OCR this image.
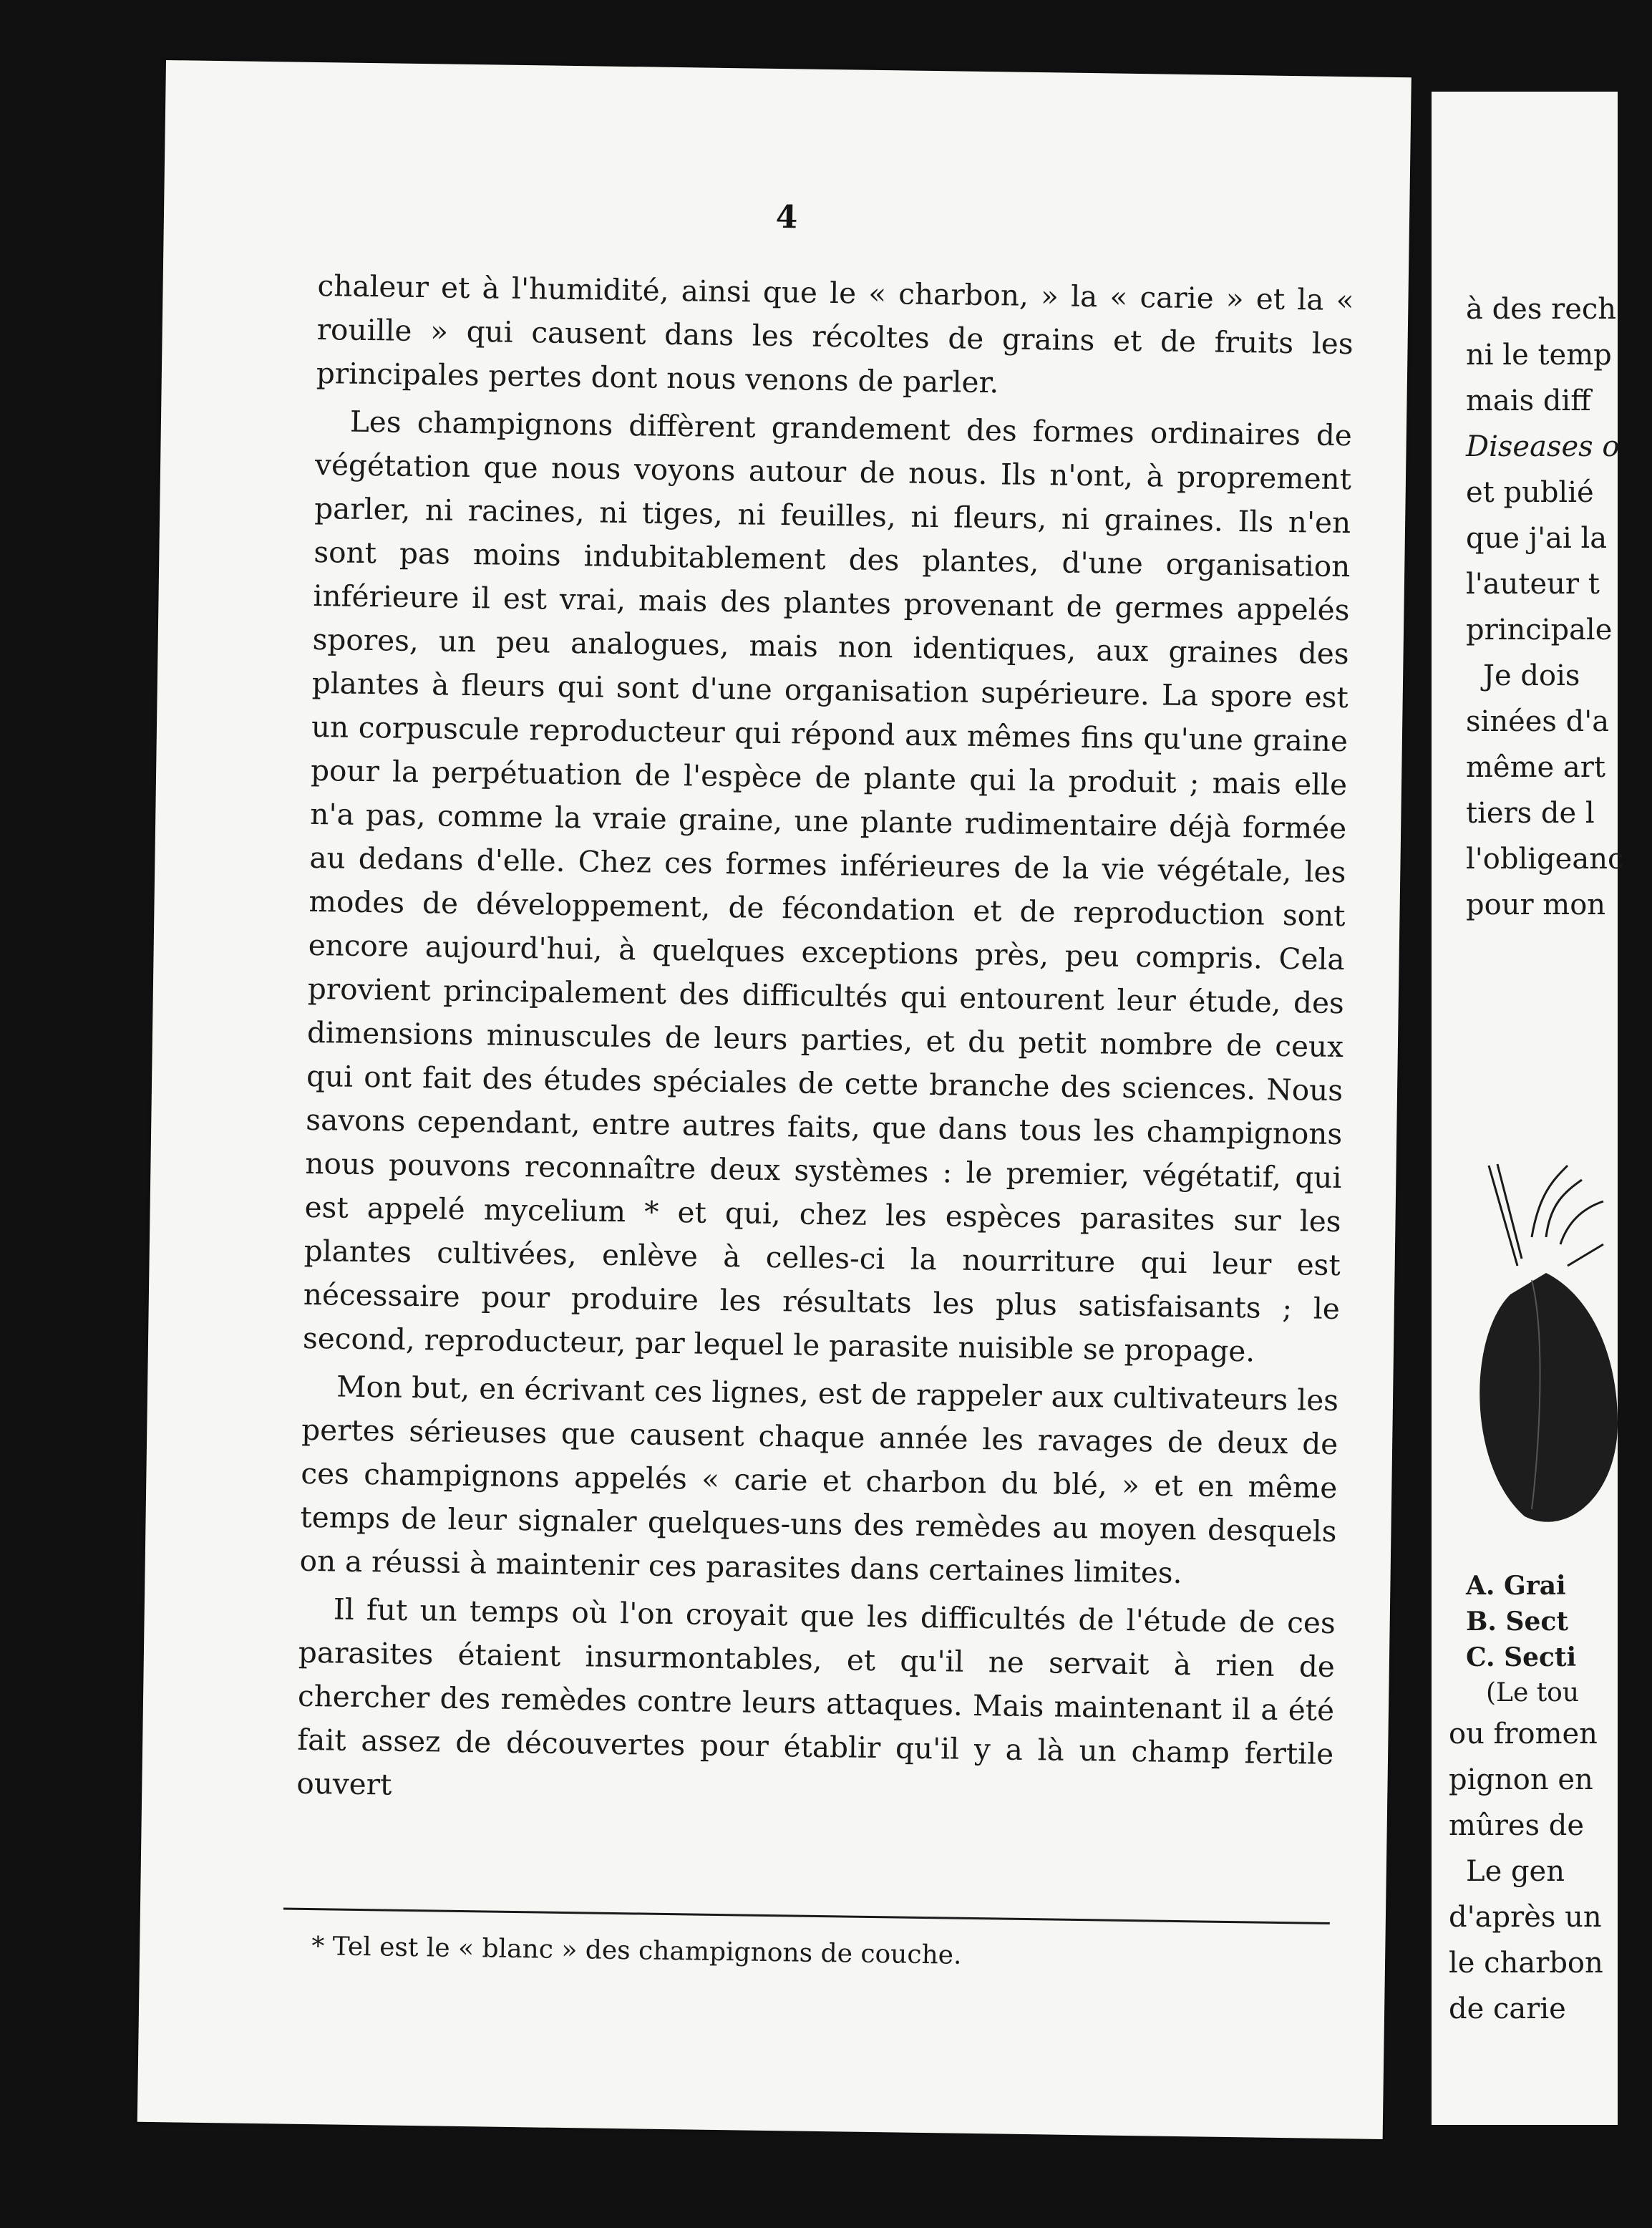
4

chaleur et à l'humidité, ainsi que le « charbon, » la « carie » et la « rouille » qui causent dans les récoltes de grains et de fruits les principales pertes dont nous venons de parler.

Les champignons diffèrent grandement des formes ordinaires de végétation que nous voyons autour de nous. Ils n'ont, à proprement parler, ni racines, ni tiges, ni feuilles, ni fleurs, ni graines. Ils n'en sont pas moins indubitablement des plantes, d'une organisation inférieure il est vrai, mais des plantes provenant de germes appelés spores, un peu analogues, mais non identiques, aux graines des plantes à fleurs qui sont d'une organisation supérieure. La spore est un corpuscule reproducteur qui répond aux mêmes fins qu'une graine pour la perpétuation de l'espèce de plante qui la produit ; mais elle n'a pas, comme la vraie graine, une plante rudimentaire déjà formée au dedans d'elle. Chez ces formes inférieures de la vie végétale, les modes de développement, de fécondation et de reproduction sont encore aujourd'hui, à quelques exceptions près, peu compris. Cela provient principalement des difficultés qui entourent leur étude, des dimensions minuscules de leurs parties, et du petit nombre de ceux qui ont fait des études spéciales de cette branche des sciences. Nous savons cependant, entre autres faits, que dans tous les champignons nous pouvons reconnaître deux systèmes : le premier, végétatif, qui est appelé mycelium * et qui, chez les espèces parasites sur les plantes cultivées, enlève à celles-ci la nourriture qui leur est nécessaire pour produire les résultats les plus satisfaisants ; le second, reproducteur, par lequel le parasite nuisible se propage.

Mon but, en écrivant ces lignes, est de rappeler aux cultivateurs les pertes sérieuses que causent chaque année les ravages de deux de ces champignons appelés « carie et charbon du blé, » et en même temps de leur signaler quelques-uns des remèdes au moyen desquels on a réussi à maintenir ces parasites dans certaines limites.

Il fut un temps où l'on croyait que les difficultés de l'étude de ces parasites étaient insurmontables, et qu'il ne servait à rien de chercher des remèdes contre leurs attaques. Mais maintenant il a été fait assez de découvertes pour établir qu'il y a là un champ fertile ouvert

* Tel est le « blanc » des champignons de couche.
à des rech
ni le temp
mais diff
Diseases o
et publié
que j'ai la
l'auteur t
principale
Je dois
sinées d'a
même art
tiers de l
l'obligeanc
pour mon
A. Grai
B. Sect
C. Secti
(Le tou
ou fromen
pignon en
mûres de
Le gen
d'après un
le charbon
de carie
